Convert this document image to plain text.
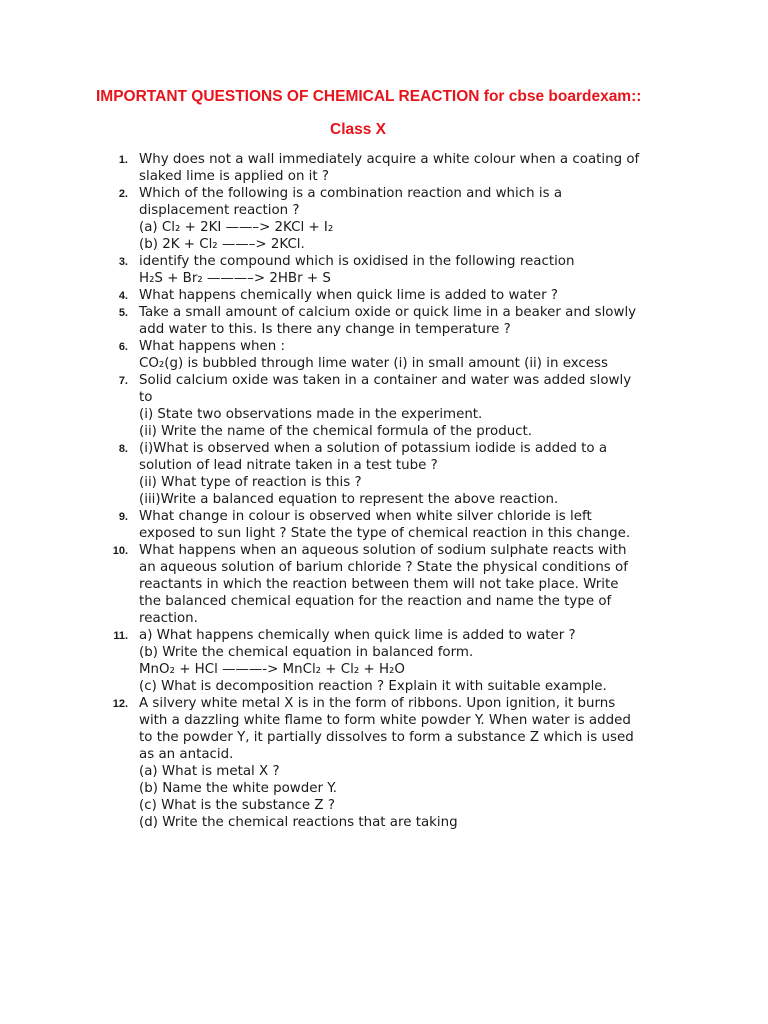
IMPORTANT QUESTIONS OF CHEMICAL REACTION for cbse boardexam::
Class X
1. Why does not a wall immediately acquire a white colour when a coating of
slaked lime is applied on it ?
2. Which of the following is a combination reaction and which is a
displacement reaction ?
(a) Cl₂ + 2KI ——–> 2KCl + I₂
(b) 2K + Cl₂ ——–> 2KCl.
3. identify the compound which is oxidised in the following reaction
H₂S + Br₂ ———–> 2HBr + S
4. What happens chemically when quick lime is added to water ?
5. Take a small amount of calcium oxide or quick lime in a beaker and slowly
add water to this. Is there any change in temperature ?
6. What happens when :
CO₂(g) is bubbled through lime water (i) in small amount (ii) in excess
7. Solid calcium oxide was taken in a container and water was added slowly
to
(i) State two observations made in the experiment.
(ii) Write the name of the chemical formula of the product.
8. (i)What is observed when a solution of potassium iodide is added to a
solution of lead nitrate taken in a test tube ?
(ii) What type of reaction is this ?
(iii)Write a balanced equation to represent the above reaction.
9. What change in colour is observed when white silver chloride is left
exposed to sun light ? State the type of chemical reaction in this change.
10. What happens when an aqueous solution of sodium sulphate reacts with
an aqueous solution of barium chloride ? State the physical conditions of
reactants in which the reaction between them will not take place. Write
the balanced chemical equation for the reaction and name the type of
reaction.
11. a) What happens chemically when quick lime is added to water ?
(b) Write the chemical equation in balanced form.
MnO₂ + HCl ———-> MnCl₂ + Cl₂ + H₂O
(c) What is decomposition reaction ? Explain it with suitable example.
12. A silvery white metal X is in the form of ribbons. Upon ignition, it burns
with a dazzling white flame to form white powder Y. When water is added
to the powder Y, it partially dissolves to form a substance Z which is used
as an antacid.
(a) What is metal X ?
(b) Name the white powder Y.
(c) What is the substance Z ?
(d) Write the chemical reactions that are taking
